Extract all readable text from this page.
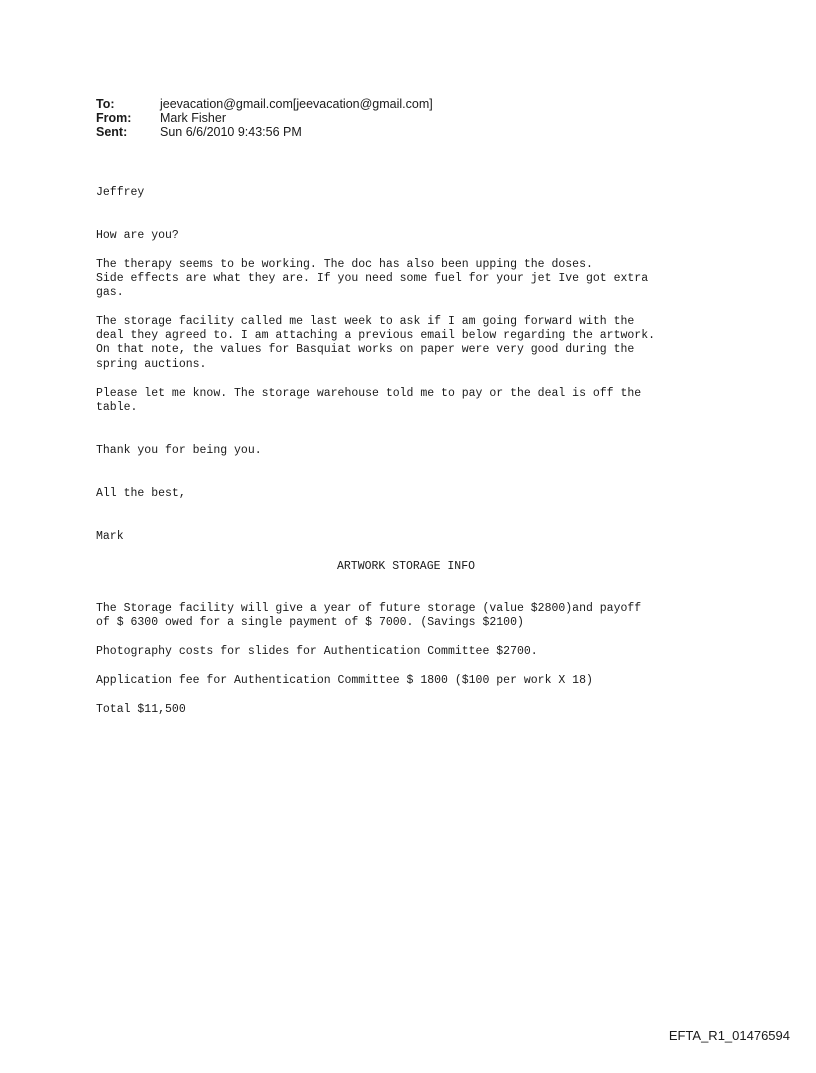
To:	jeevacation@gmail.com[jeevacation@gmail.com]
From:	Mark Fisher
Sent:	Sun 6/6/2010 9:43:56 PM
Jeffrey
How are you?
The therapy seems to be working. The doc has also been upping the doses.
Side effects are what they are. If you need some fuel for your jet Ive got extra
gas.
The storage facility called me last week to ask if I am going forward with the
deal they agreed to. I am attaching a previous email below regarding the artwork.
On that note, the values for Basquiat works on paper were very good during the
spring auctions.
Please let me know. The storage warehouse told me to pay or the deal is off the
table.
Thank you for being you.
All the best,
Mark
ARTWORK STORAGE INFO
The Storage facility will give a year of future storage (value $2800)and payoff
of $ 6300 owed for a single payment of $ 7000. (Savings $2100)
Photography costs for slides for Authentication Committee $2700.
Application fee for Authentication Committee $ 1800 ($100 per work X 18)
Total $11,500
EFTA_R1_01476594
